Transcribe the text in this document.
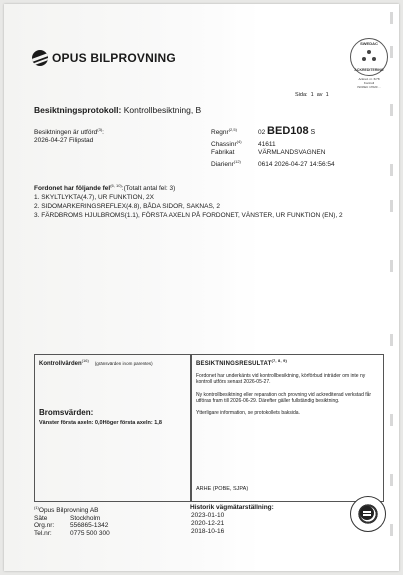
OPUS BILPROVNING
SWEDAC
ACKREDITERING
Ackred. nr. 6/78
Kontroll
ISO/IEC 17020 ...
Sida: 1 av 1
Besiktningsprotokoll: Kontrollbesiktning, B
Besiktningen är utförd$^{(3)}$:
2026-04-27 Filipstad
Regnr$^{(2,5)}$	02 BED108 S
Chassinr$^{(4)}$	41611
Fabrikat	VÄRMLANDSVAGNEN
Diarienr$^{(12)}$	0614 2026-04-27 14:56:54
Fordonet har följande fel$^{(6, 10)}$:(Totalt antal fel: 3)
1. SKYLTLYKTA(4.7), UR FUNKTION, 2X
2. SIDOMARKERINGSREFLEX(4.8), BÅDA SIDOR, SAKNAS, 2
3. FÄRDBROMS HJULBROMS(1.1), FÖRSTA AXELN PÅ FORDONET, VÄNSTER, UR FUNKTION (EN), 2
Kontrollvärden$^{(16)}$(gränsvärden inom parentes)
Bromsvärden:
Vänster första axeln: 0,0Höger första axeln: 1,8
BESIKTNINGSRESULTAT$^{(7, 8, 9)}$

Fordonet har underkänts vid kontrollbesiktning, körförbud inträder om inte ny kontroll utförs senast 2026-05-27.

Ny kontrollbesiktning eller reparation och provning vid ackrediterad verkstad får utföras fram till 2026-06-29. Därefter gäller fullständig besiktning.

Ytterligare information, se protokollets baksida.

ARHE (POBE, SJPA)
$^{(1)}$Opus Bilprovning AB
Säte	Stockholm
Org.nr: 556865-1342
Tel.nr:	0775 500 300
Historik vägmätarställning:
2023-01-10
2020-12-21
2018-10-16
